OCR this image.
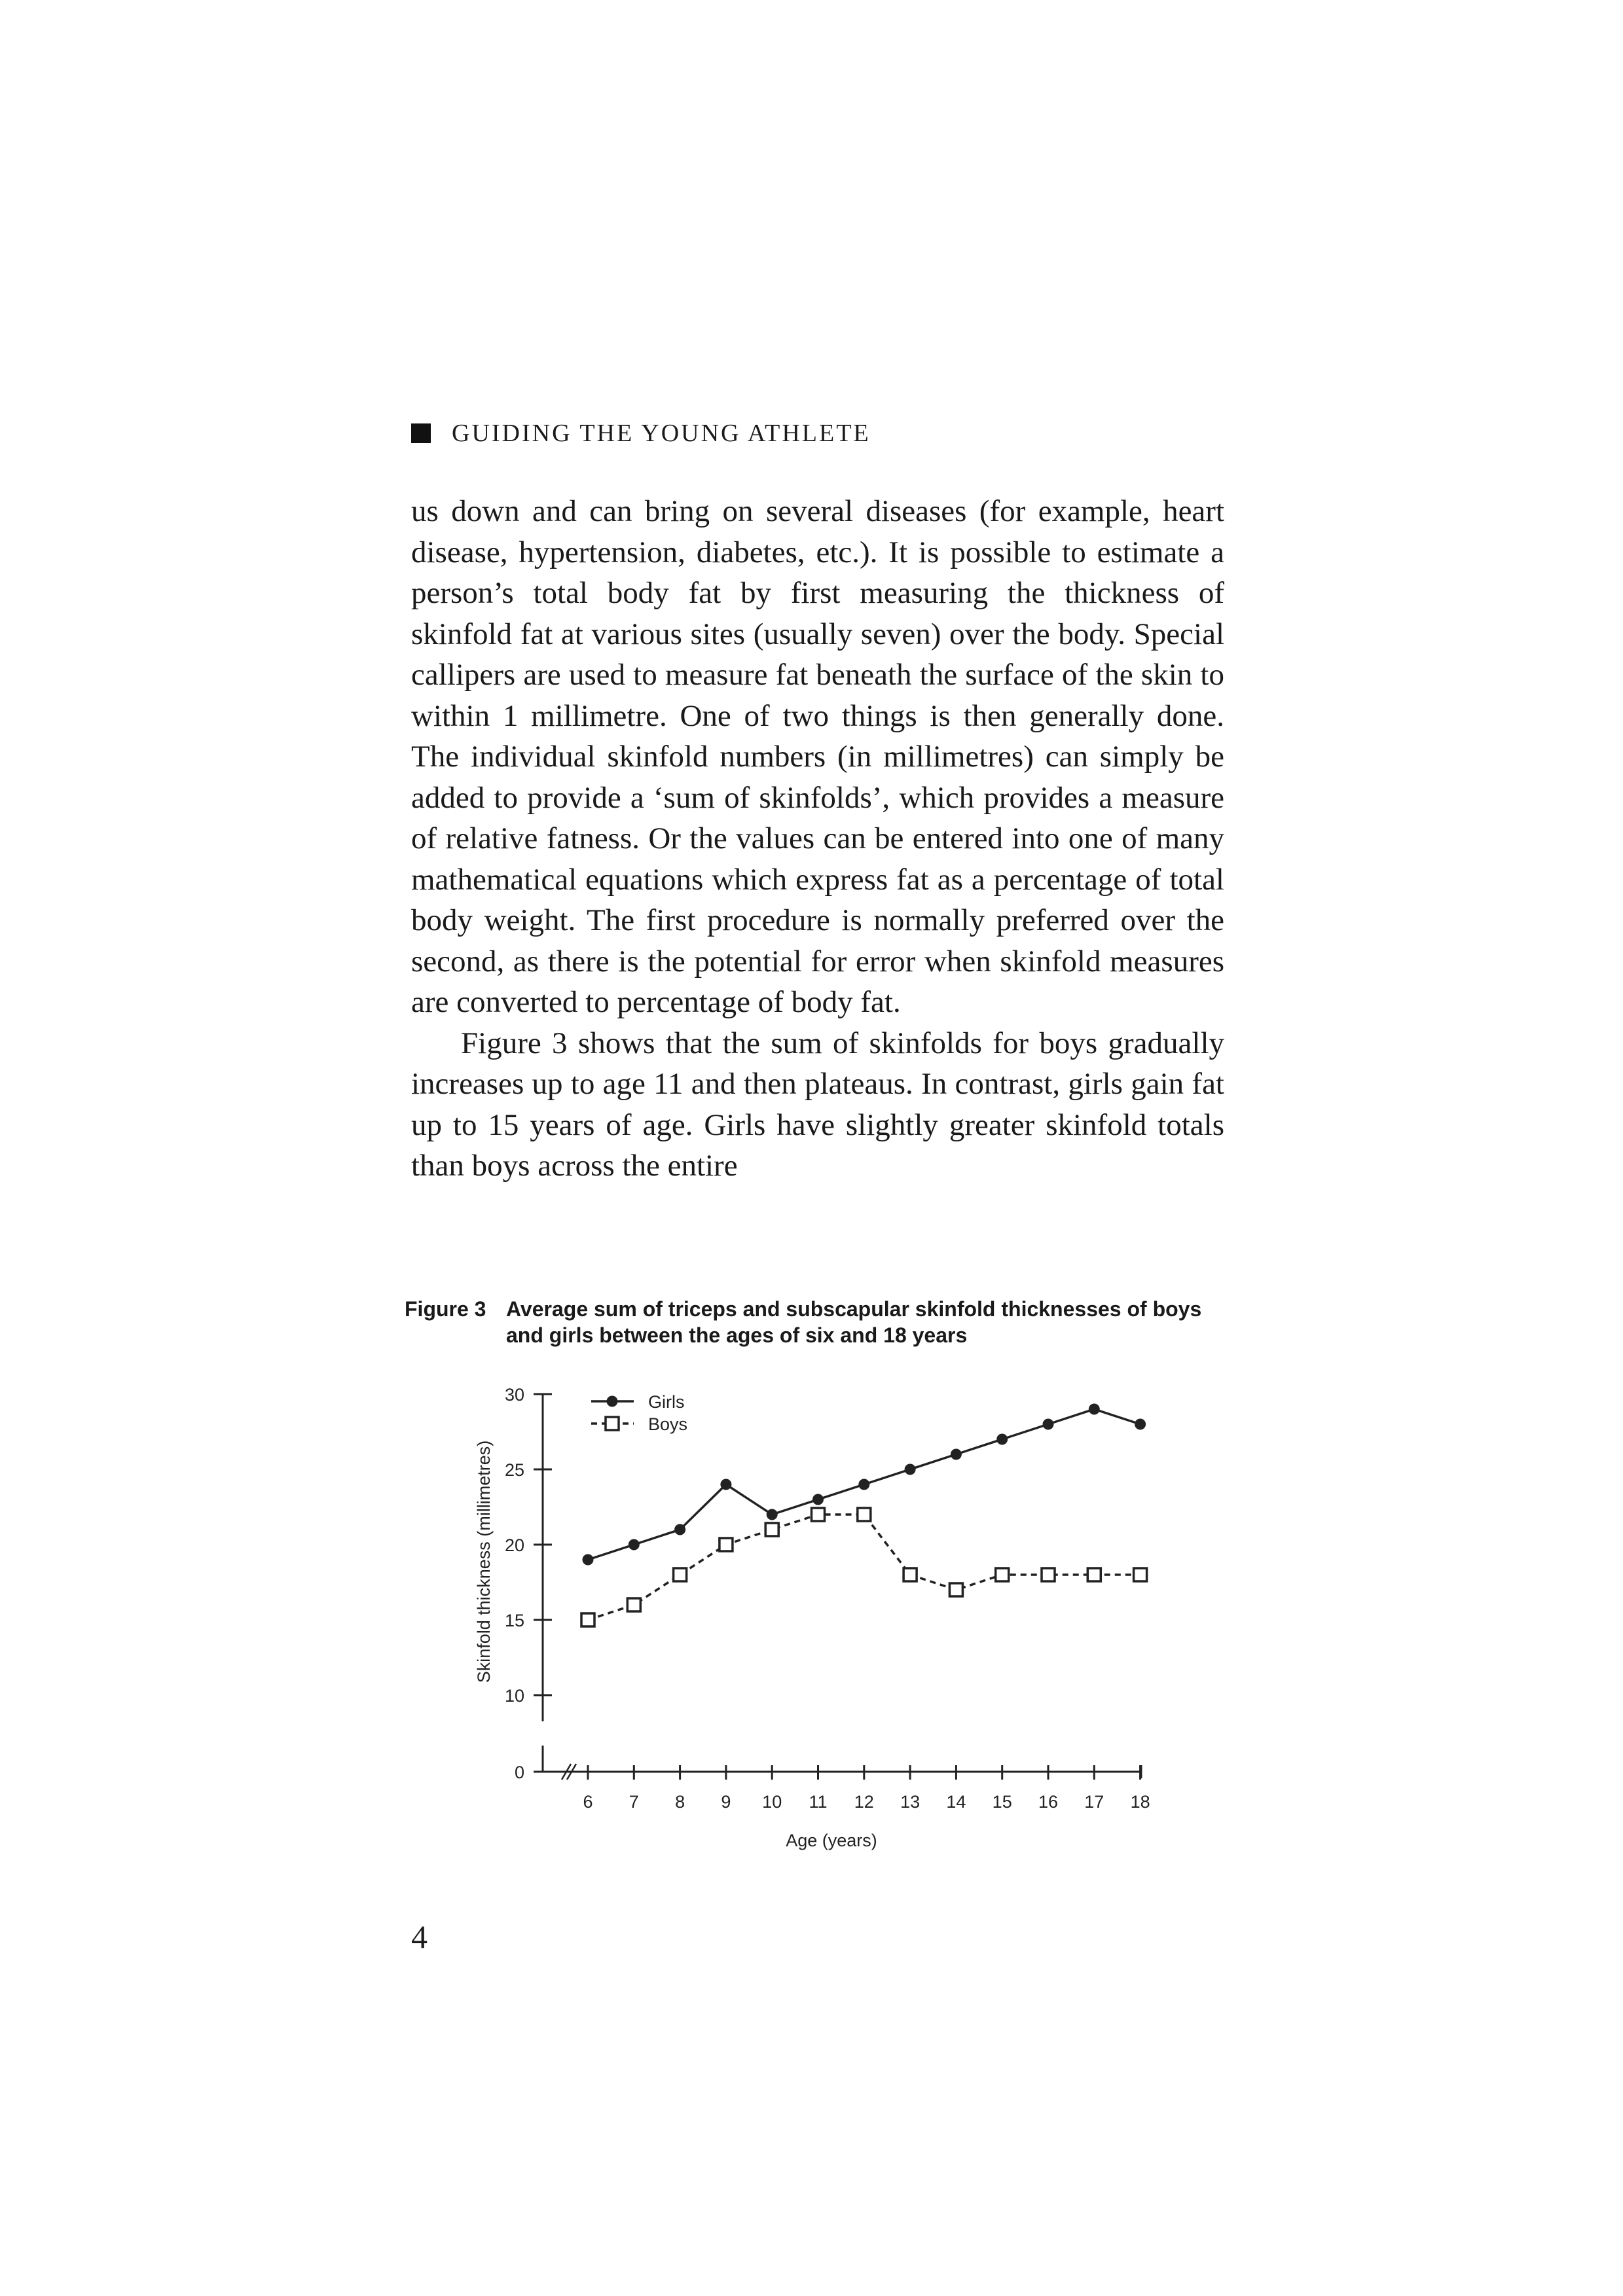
GUIDING THE YOUNG ATHLETE

us down and can bring on several diseases (for example, heart disease, hypertension, diabetes, etc.). It is possible to estimate a person’s total body fat by first measuring the thickness of skinfold fat at various sites (usually seven) over the body. Special callipers are used to measure fat beneath the surface of the skin to within 1 millimetre. One of two things is then generally done. The individual skinfold numbers (in millimetres) can simply be added to provide a ‘sum of skinfolds’, which provides a measure of relative fatness. Or the values can be entered into one of many mathematical equations which express fat as a percentage of total body weight. The first procedure is normally preferred over the second, as there is the potential for error when skinfold measures are converted to percentage of body fat.

Figure 3 shows that the sum of skinfolds for boys gradually increases up to age 11 and then plateaus. In contrast, girls gain fat up to 15 years of age. Girls have slightly greater skinfold totals than boys across the entire

Figure 3 Average sum of triceps and subscapular skinfold thicknesses of boys and girls between the ages of six and 18 years
0
10
15
20
25
30
6 7 8 9 10 11 12 13 14 15 16 17 18
Girls
Boys
Age (years)
Skinfold thickness (millimetres)
4
